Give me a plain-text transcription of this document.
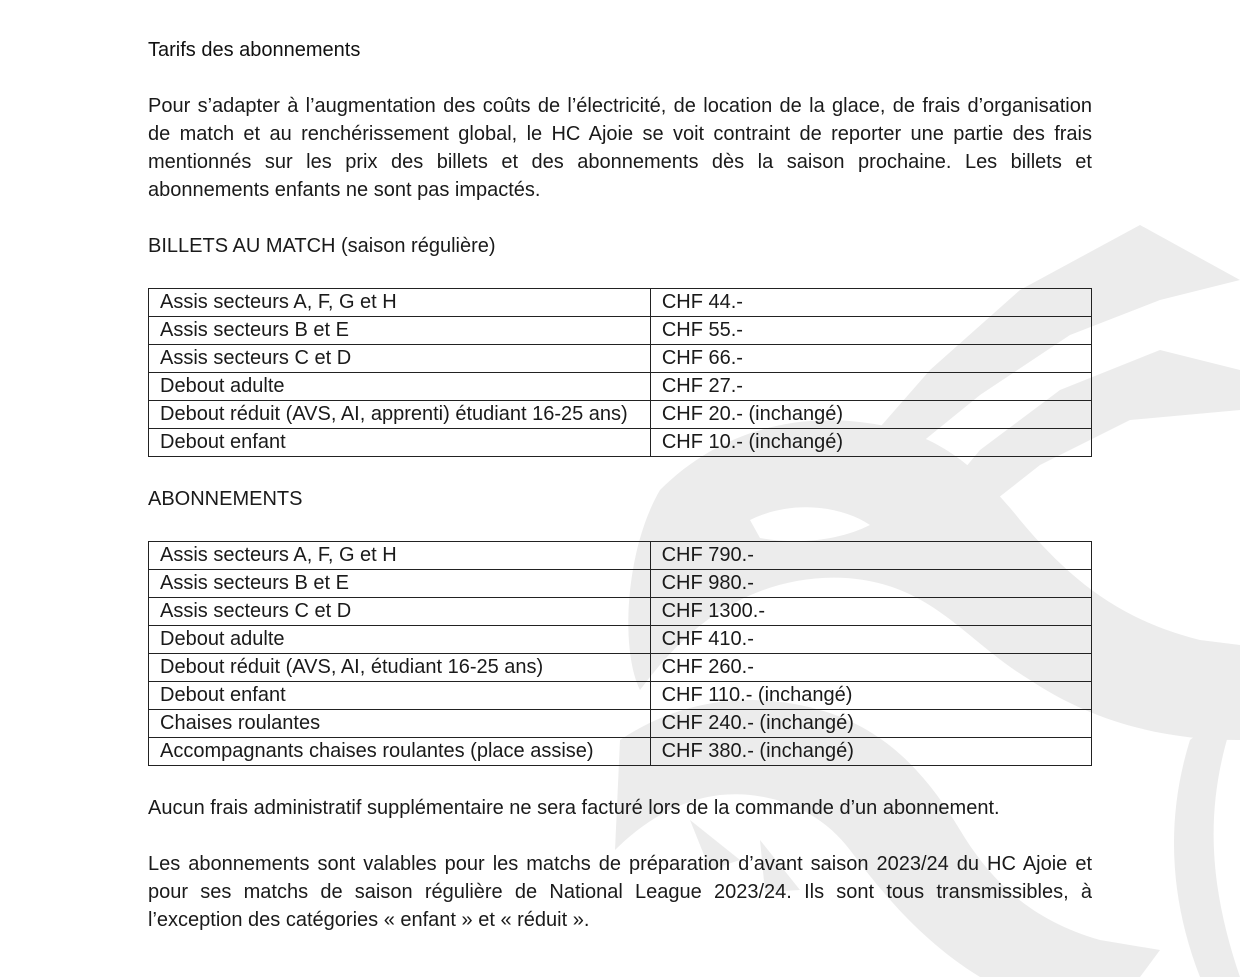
Tarifs des abonnements

Pour s’adapter à l’augmentation des coûts de l’électricité, de location de la glace, de frais d’organisation de match et au renchérissement global, le HC Ajoie se voit contraint de reporter une partie des frais mentionnés sur les prix des billets et des abonnements dès la saison prochaine. Les billets et abonnements enfants ne sont pas impactés.

BILLETS AU MATCH (saison régulière)

Assis secteurs A, F, G et H	CHF 44.-
Assis secteurs B et E	CHF 55.-
Assis secteurs C et D	CHF 66.-
Debout adulte	CHF 27.-
Debout réduit (AVS, AI, apprenti) étudiant 16-25 ans)	CHF 20.- (inchangé)
Debout enfant	CHF 10.- (inchangé)

ABONNEMENTS

Assis secteurs A, F, G et H	CHF 790.-
Assis secteurs B et E	CHF 980.-
Assis secteurs C et D	CHF 1300.-
Debout adulte	CHF 410.-
Debout réduit (AVS, AI, étudiant 16-25 ans)	CHF 260.-
Debout enfant	CHF 110.- (inchangé)
Chaises roulantes	CHF 240.- (inchangé)
Accompagnants chaises roulantes (place assise)	CHF 380.- (inchangé)

Aucun frais administratif supplémentaire ne sera facturé lors de la commande d’un abonnement.

Les abonnements sont valables pour les matchs de préparation d’avant saison 2023/24 du HC Ajoie et pour ses matchs de saison régulière de National League 2023/24. Ils sont tous transmissibles, à l’exception des catégories « enfant » et « réduit ».
